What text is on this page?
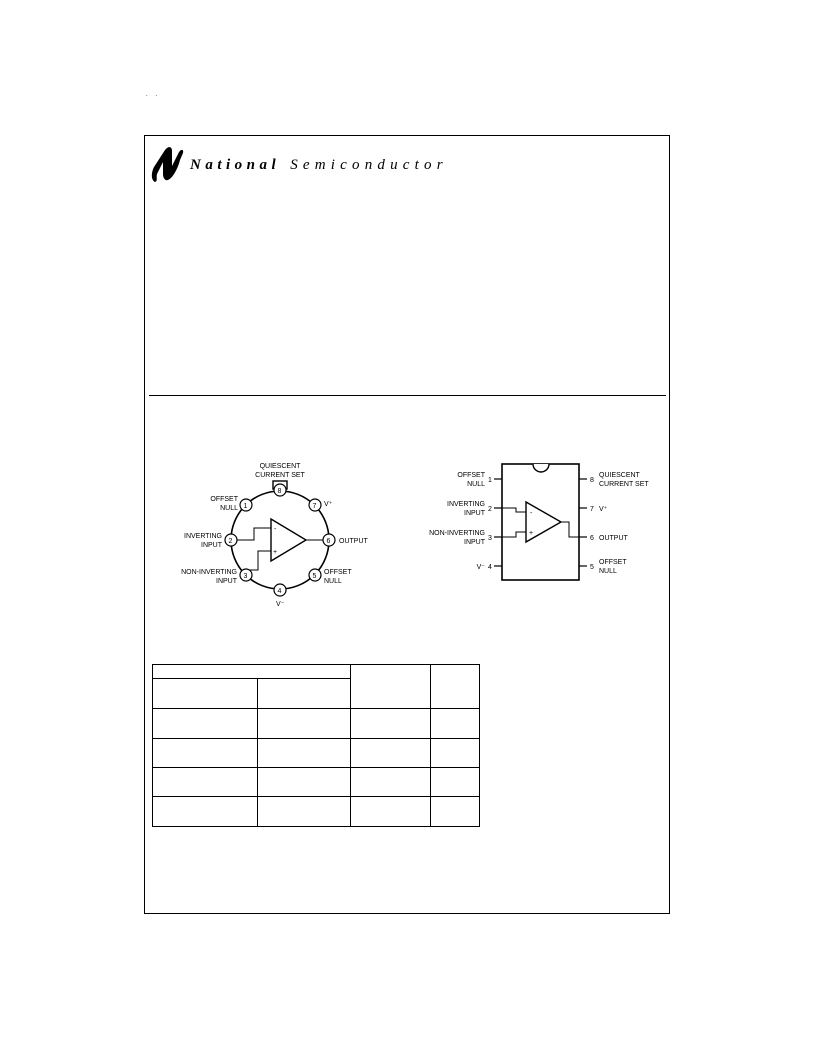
. .
National Semiconductor
-
+
1
OFFSET
NULL
2
INVERTING
INPUT
3
NON-INVERTING
INPUT
4
V⁻
5
OFFSET
NULL
6 OUTPUT
7 V⁺
8
QUIESCENT
CURRENT SET
-
+
1
OFFSET
NULL
2
INVERTING
INPUT
3
NON-INVERTING
INPUT
4
V⁻
8
QUIESCENT
CURRENT SET
7 V⁺
6 OUTPUT
5
OFFSET
NULL
